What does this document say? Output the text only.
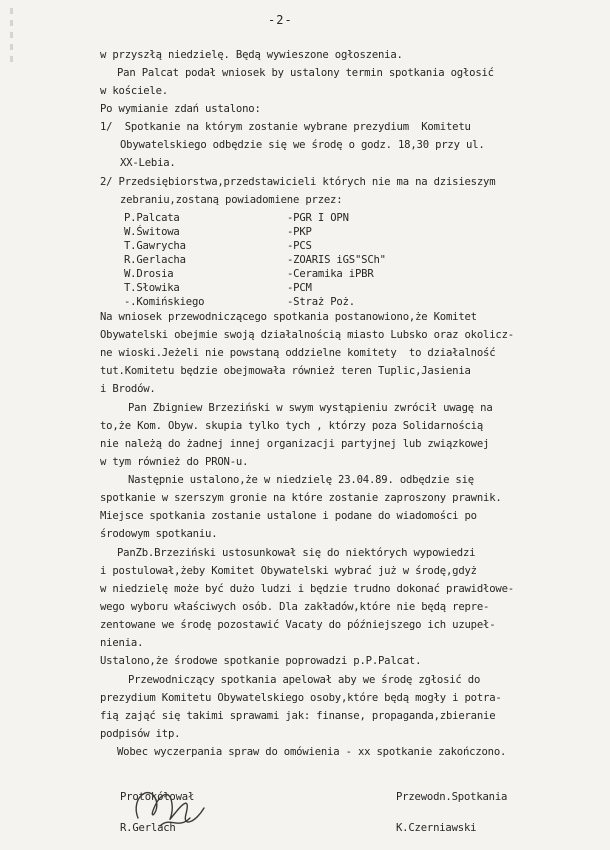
-2-
w przyszłą niedzielę. Będą wywieszone ogłoszenia.
Pan Palcat podał wniosek by ustalony termin spotkania ogłosić
w kościele.
Po wymianie zdań ustalono:
1/  Spotkanie na którym zostanie wybrane prezydium  Komitetu
Obywatelskiego odbędzie się we środę o godz. 18,30 przy ul.
XX-Lebia.
2/ Przedsiębiorstwa,przedstawicieli których nie ma na dzisieszym
zebraniu,zostaną powiadomiene przez:
P.Palcata
W.Świtowa
T.Gawrycha
R.Gerlacha
W.Drosia
T.Słowika
-.Komińskiego
-PGR I OPN
-PKP
-PCS
-ZOARIS iGS"SCh"
-Ceramika iPBR
-PCM
-Straż Poż.
Na wniosek przewodniczącego spotkania postanowiono,że Komitet
Obywatelski obejmie swoją działalnością miasto Lubsko oraz okolicz-
ne wioski.Jeżeli nie powstaną oddzielne komitety  to działalność
tut.Komitetu będzie obejmowała również teren Tuplic,Jasienia
i Brodów.
Pan Zbigniew Brzeziński w swym wystąpieniu zwrócił uwagę na
to,że Kom. Obyw. skupia tylko tych , którzy poza Solidarnością
nie należą do żadnej innej organizacji partyjnej lub związkowej
w tym również do PRON-u.
Następnie ustalono,że w niedzielę 23.04.89. odbędzie się
spotkanie w szerszym gronie na które zostanie zaproszony prawnik.
Miejsce spotkania zostanie ustalone i podane do wiadomości po
środowym spotkaniu.
PanZb.Brzeziński ustosunkował się do niektórych wypowiedzi
i postulował,żeby Komitet Obywatelski wybrać już w środę,gdyż
w niedzielę może być dużo ludzi i będzie trudno dokonać prawidłowe-
wego wyboru właściwych osób. Dla zakładów,które nie będą repre-
zentowane we środę pozostawić Vacaty do późniejszego ich uzupeł-
nienia.
Ustalono,że środowe spotkanie poprowadzi p.P.Palcat.
Przewodniczący spotkania apelował aby we środę zgłosić do
prezydium Komitetu Obywatelskiego osoby,które będą mogły i potra-
fią zająć się takimi sprawami jak: finanse, propaganda,zbieranie
podpisów itp.
Wobec wyczerpania spraw do omówienia - xx spotkanie zakończono.
Protokółował
R.Gerlach
Przewodn.Spotkania
K.Czerniawski
